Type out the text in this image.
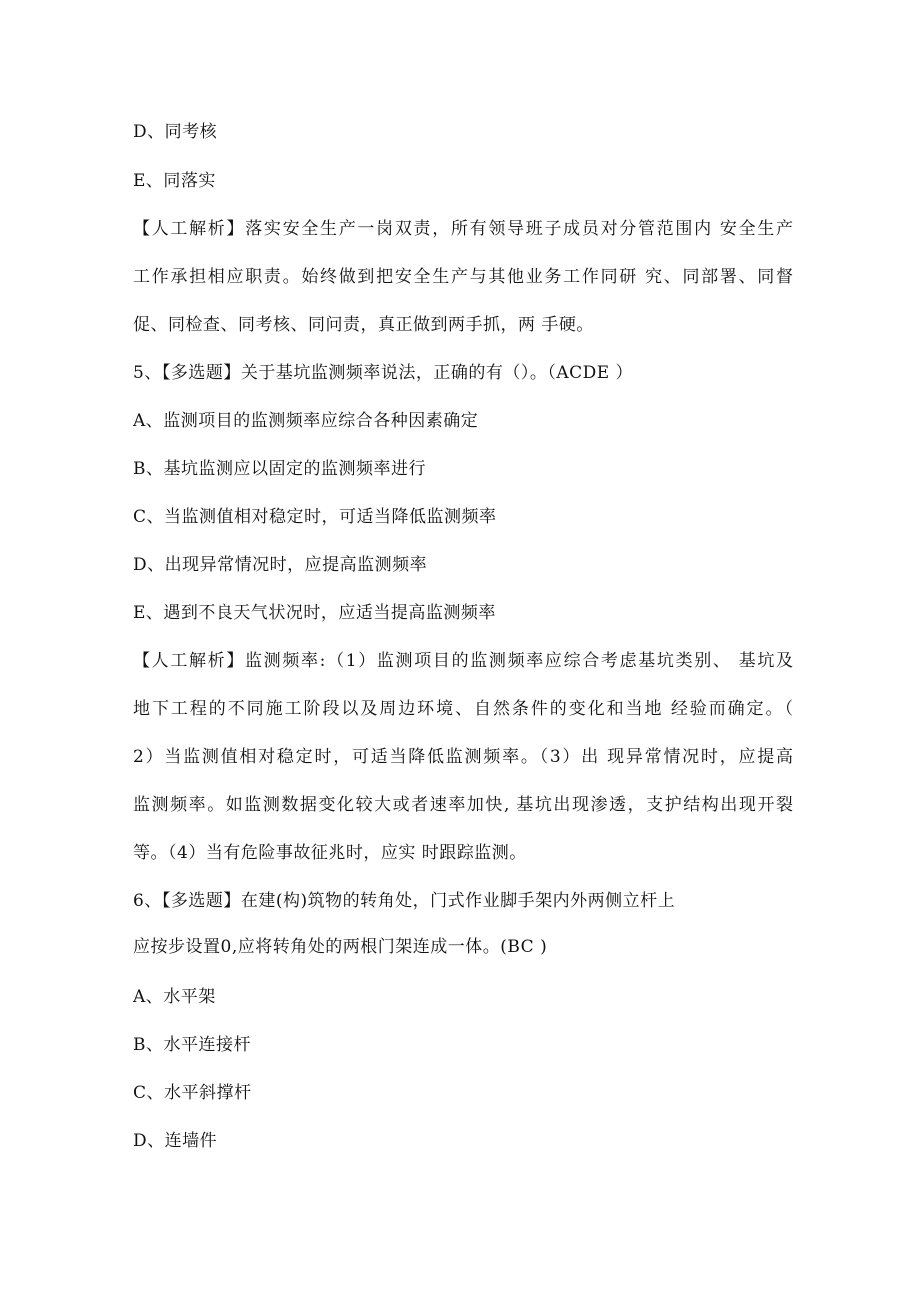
D、同考核
E、同落实
【人工解析】落实安全生产一岗双责，所有领导班子成员对分管范围内 安全生产
工作承担相应职责。始终做到把安全生产与其他业务工作同研 究、同部署、同督
促、同检查、同考核、同问责，真正做到两手抓，两 手硬。
5、【多选题】关于基坑监测频率说法，正确的有（）。（ACDE ）
A、监测项目的监测频率应综合各种因素确定
B、基坑监测应以固定的监测频率进行
C、当监测值相对稳定时，可适当降低监测频率
D、出现异常情况时，应提高监测频率
E、遇到不良天气状况时，应适当提高监测频率
【人工解析】监测频率:（1）监测项目的监测频率应综合考虑基坑类别、 基坑及
地下工程的不同施工阶段以及周边环境、自然条件的变化和当地 经验而确定。（
2）当监测值相对稳定时，可适当降低监测频率。（3）出 现异常情况时，应提高
监测频率。如监测数据变化较大或者速率加快, 基坑出现渗透，支护结构出现开裂
等。（4）当有危险事故征兆时，应实 时跟踪监测。
6、【多选题】在建(构)筑物的转角处，门式作业脚手架内外两侧立杆上
应按步设置0,应将转角处的两根门架连成一体。(BC )
A、水平架
B、水平连接杆
C、水平斜撑杆
D、连墙件
